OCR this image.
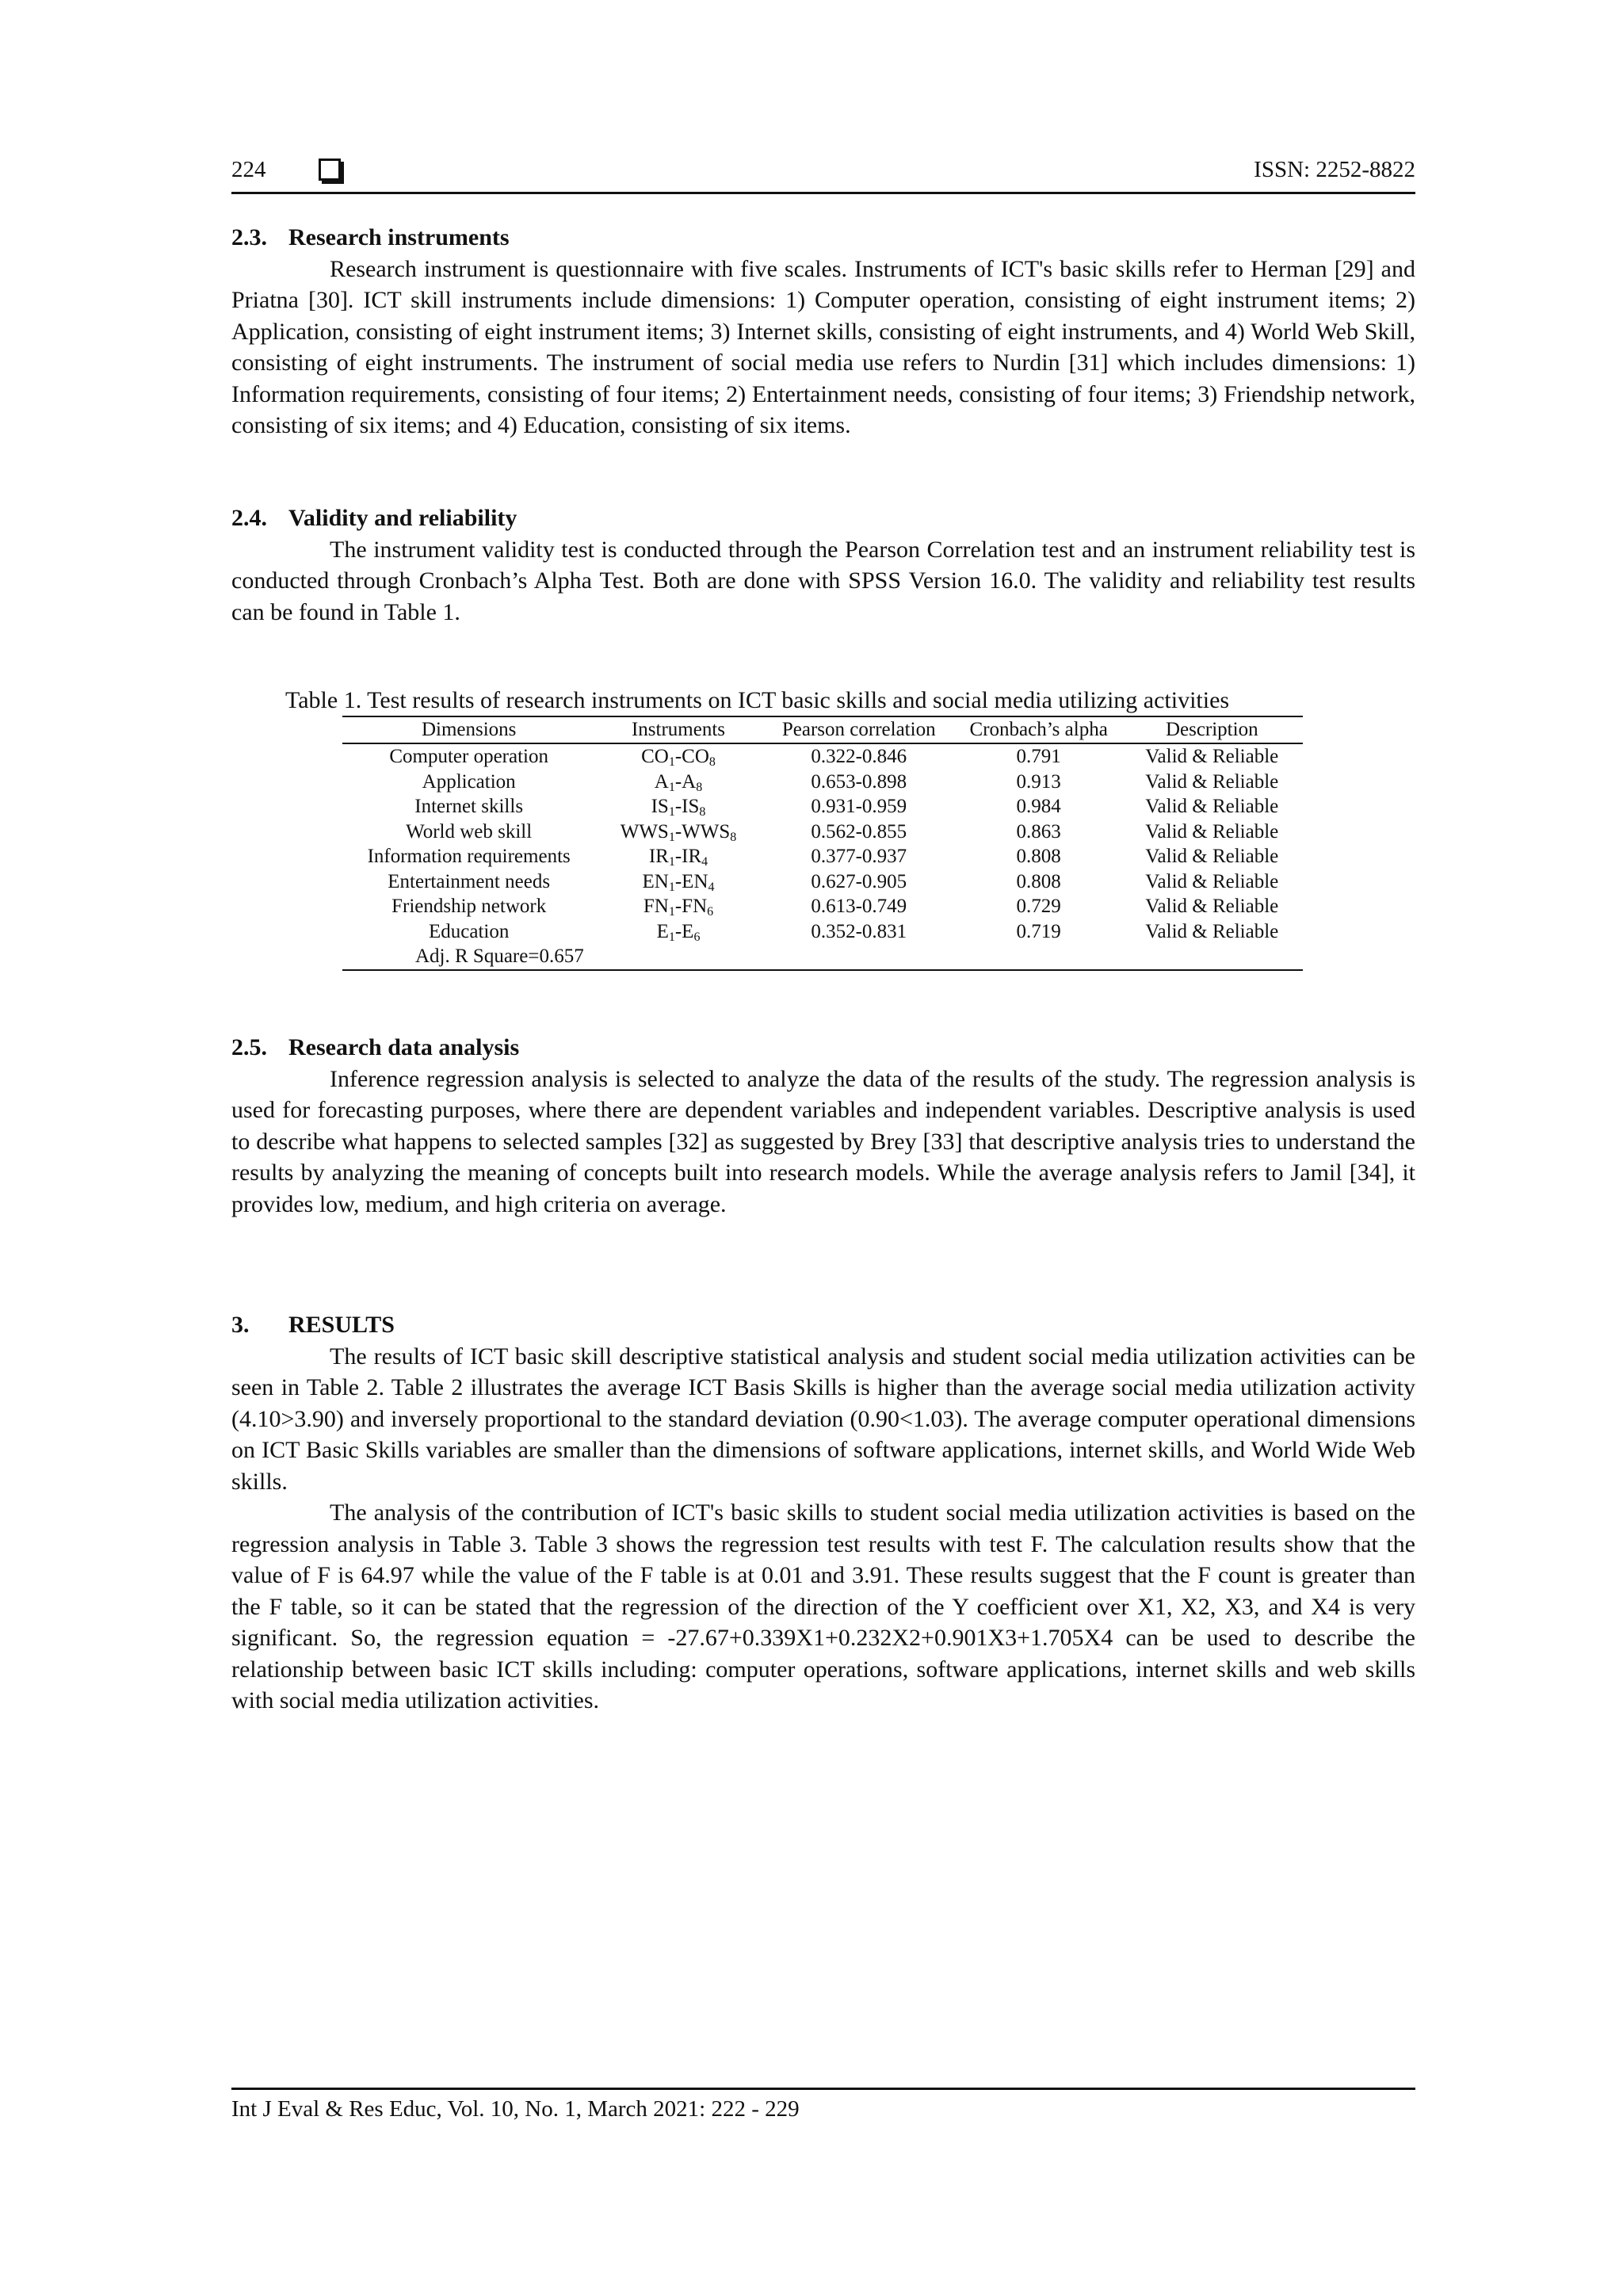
224	ISSN: 2252-8822
2.3. Research instruments

Research instrument is questionnaire with five scales. Instruments of ICT's basic skills refer to Herman [29] and Priatna [30]. ICT skill instruments include dimensions: 1) Computer operation, consisting of eight instrument items; 2) Application, consisting of eight instrument items; 3) Internet skills, consisting of eight instruments, and 4) World Web Skill, consisting of eight instruments. The instrument of social media use refers to Nurdin [31] which includes dimensions: 1) Information requirements, consisting of four items; 2) Entertainment needs, consisting of four items; 3) Friendship network, consisting of six items; and 4) Education, consisting of six items.

2.4. Validity and reliability

The instrument validity test is conducted through the Pearson Correlation test and an instrument reliability test is conducted through Cronbach’s Alpha Test. Both are done with SPSS Version 16.0. The validity and reliability test results can be found in Table 1.

Table 1. Test results of research instruments on ICT basic skills and social media utilizing activities
Dimensions	Instruments	Pearson correlation	Cronbach’s alpha	Description
Computer operation	$CO_1-CO_8$	0.322-0.846	0.791	Valid & Reliable
Application	$A_1-A_8$	0.653-0.898	0.913	Valid & Reliable
Internet skills	$IS_1-IS_8$	0.931-0.959	0.984	Valid & Reliable
World web skill	$WWS_1-WWS_8$	0.562-0.855	0.863	Valid & Reliable
Information requirements	$IR_1-IR_4$	0.377-0.937	0.808	Valid & Reliable
Entertainment needs	$EN_1-EN_4$	0.627-0.905	0.808	Valid & Reliable
Friendship network	$FN_1-FN_6$	0.613-0.749	0.729	Valid & Reliable
Education	$E_1-E_6$	0.352-0.831	0.719	Valid & Reliable
Adj. R Square=0.657				
2.5. Research data analysis

Inference regression analysis is selected to analyze the data of the results of the study. The regression analysis is used for forecasting purposes, where there are dependent variables and independent variables. Descriptive analysis is used to describe what happens to selected samples [32] as suggested by Brey [33] that descriptive analysis tries to understand the results by analyzing the meaning of concepts built into research models. While the average analysis refers to Jamil [34], it provides low, medium, and high criteria on average.

3. RESULTS

The results of ICT basic skill descriptive statistical analysis and student social media utilization activities can be seen in Table 2. Table 2 illustrates the average ICT Basis Skills is higher than the average social media utilization activity (4.10>3.90) and inversely proportional to the standard deviation (0.90<1.03). The average computer operational dimensions on ICT Basic Skills variables are smaller than the dimensions of software applications, internet skills, and World Wide Web skills.

The analysis of the contribution of ICT's basic skills to student social media utilization activities is based on the regression analysis in Table 3. Table 3 shows the regression test results with test F. The calculation results show that the value of F is 64.97 while the value of the F table is at 0.01 and 3.91. These results suggest that the F count is greater than the F table, so it can be stated that the regression of the direction of the Y coefficient over X1, X2, X3, and X4 is very significant. So, the regression equation = -27.67+0.339X1+0.232X2+0.901X3+1.705X4 can be used to describe the relationship between basic ICT skills including: computer operations, software applications, internet skills and web skills with social media utilization activities.

Int J Eval & Res Educ, Vol. 10, No. 1, March 2021: 222 - 229
